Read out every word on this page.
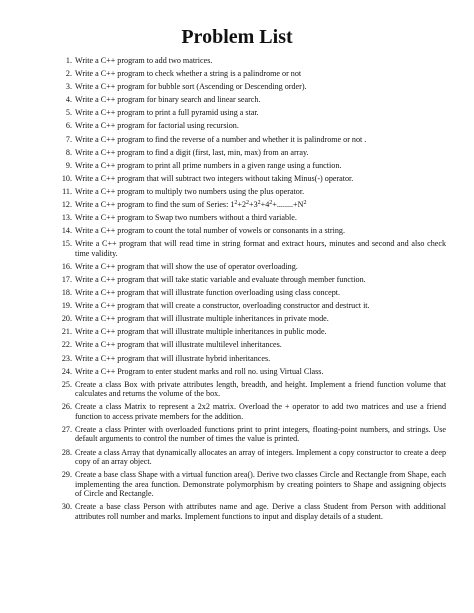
Problem List
1. Write a C++ program to add two matrices.
2. Write a C++ program to check whether a string is a palindrome or not
3. Write a C++ program for bubble sort (Ascending or Descending order).
4. Write a C++ program for binary search and linear search.
5. Write a C++ program to print a full pyramid using a star.
6. Write a C++ program for factorial using recursion.
7. Write a C++ program to find the reverse of a number and whether it is palindrome or not .
8. Write a C++ program to find a digit (first, last, min, max) from an array.
9. Write a C++ program to print all prime numbers in a given range using a function.
10. Write a C++ program that will subtract two integers without taking Minus(-) operator.
11. Write a C++ program to multiply two numbers using the plus operator.
12. Write a C++ program to find the sum of Series: $1^2+2^2+3^2+4^2+........+N^2$
13. Write a C++ program to Swap two numbers without a third variable.
14. Write a C++ program to count the total number of vowels or consonants in a string.
15. Write a C++ program that will read time in string format and extract hours, minutes and second and also check time validity.
16. Write a C++ program that will show the use of operator overloading.
17. Write a C++ program that will take static variable and evaluate through member function.
18. Write a C++ program that will illustrate function overloading using class concept.
19. Write a C++ program that will create a constructor, overloading constructor and destruct it.
20. Write a C++ program that will illustrate multiple inheritances in private mode.
21. Write a C++ program that will illustrate multiple inheritances in public mode.
22. Write a C++ program that will illustrate multilevel inheritances.
23. Write a C++ program that will illustrate hybrid inheritances.
24. Write a C++ Program to enter student marks and roll no. using Virtual Class.
25. Create a class Box with private attributes length, breadth, and height. Implement a friend function volume that calculates and returns the volume of the box.
26. Create a class Matrix to represent a 2x2 matrix. Overload the + operator to add two matrices and use a friend function to access private members for the addition.
27. Create a class Printer with overloaded functions print to print integers, floating-point numbers, and strings. Use default arguments to control the number of times the value is printed.
28. Create a class Array that dynamically allocates an array of integers. Implement a copy constructor to create a deep copy of an array object.
29. Create a base class Shape with a virtual function area(). Derive two classes Circle and Rectangle from Shape, each implementing the area function. Demonstrate polymorphism by creating pointers to Shape and assigning objects of Circle and Rectangle.
30. Create a base class Person with attributes name and age. Derive a class Student from Person with additional attributes roll number and marks. Implement functions to input and display details of a student.
